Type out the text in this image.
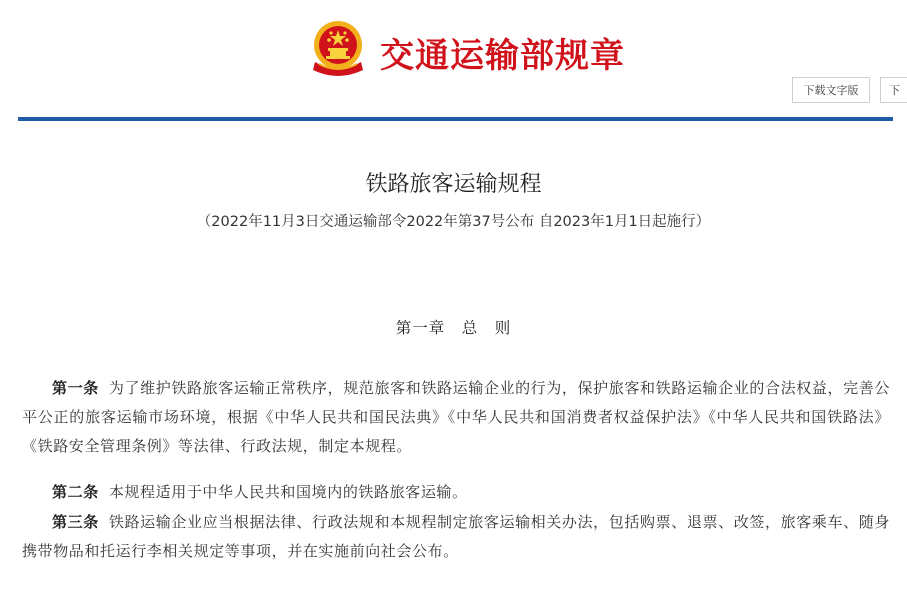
交通运输部规章
下载文字版	下
铁路旅客运输规程
（2022年11月3日交通运输部令2022年第37号公布 自2023年1月1日起施行）
第一章　总　则

第一条 为了维护铁路旅客运输正常秩序，规范旅客和铁路运输企业的行为，保护旅客和铁路运输企业的合法权益，完善公平公正的旅客运输市场环境，根据《中华人民共和国民法典》《中华人民共和国消费者权益保护法》《中华人民共和国铁路法》《铁路安全管理条例》等法律、行政法规，制定本规程。

第二条 本规程适用于中华人民共和国境内的铁路旅客运输。

第三条 铁路运输企业应当根据法律、行政法规和本规程制定旅客运输相关办法，包括购票、退票、改签，旅客乘车、随身携带物品和托运行李相关规定等事项，并在实施前向社会公布。
